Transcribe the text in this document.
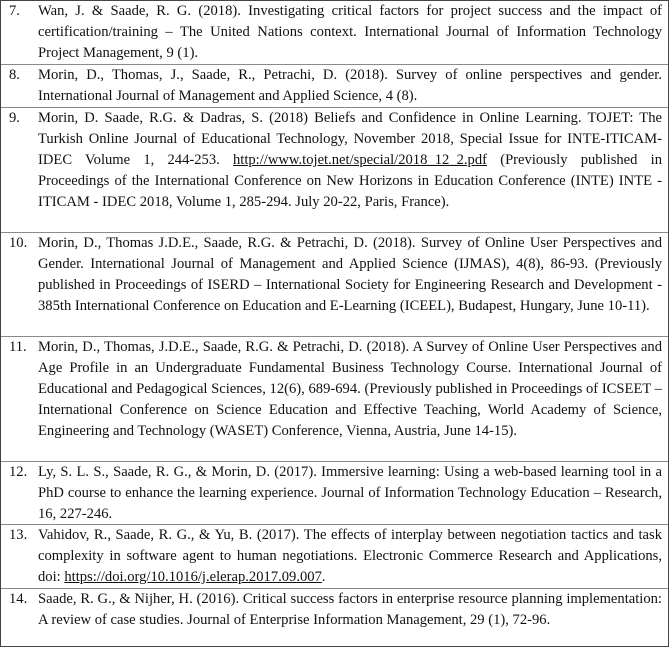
7. Wan, J. & Saade, R. G. (2018). Investigating critical factors for project success and the impact of certification/training – The United Nations context. International Journal of Information Technology Project Management, 9 (1).
8. Morin, D., Thomas, J., Saade, R., Petrachi, D. (2018). Survey of online perspectives and gender. International Journal of Management and Applied Science, 4 (8).
9. Morin, D. Saade, R.G. & Dadras, S. (2018) Beliefs and Confidence in Online Learning. TOJET: The Turkish Online Journal of Educational Technology, November 2018, Special Issue for INTE-ITICAM-IDEC Volume 1, 244-253. http://www.tojet.net/special/2018_12_2.pdf (Previously published in Proceedings of the International Conference on New Horizons in Education Conference (INTE) INTE - ITICAM - IDEC 2018, Volume 1, 285-294. July 20-22, Paris, France).
10. Morin, D., Thomas J.D.E., Saade, R.G. & Petrachi, D. (2018). Survey of Online User Perspectives and Gender. International Journal of Management and Applied Science (IJMAS), 4(8), 86-93. (Previously published in Proceedings of ISERD – International Society for Engineering Research and Development - 385th International Conference on Education and E-Learning (ICEEL), Budapest, Hungary, June 10-11).
11. Morin, D., Thomas, J.D.E., Saade, R.G. & Petrachi, D. (2018). A Survey of Online User Perspectives and Age Profile in an Undergraduate Fundamental Business Technology Course. International Journal of Educational and Pedagogical Sciences, 12(6), 689-694. (Previously published in Proceedings of ICSEET – International Conference on Science Education and Effective Teaching, World Academy of Science, Engineering and Technology (WASET) Conference, Vienna, Austria, June 14-15).
12. Ly, S. L. S., Saade, R. G., & Morin, D. (2017). Immersive learning: Using a web-based learning tool in a PhD course to enhance the learning experience. Journal of Information Technology Education – Research, 16, 227-246.
13. Vahidov, R., Saade, R. G., & Yu, B. (2017). The effects of interplay between negotiation tactics and task complexity in software agent to human negotiations. Electronic Commerce Research and Applications, doi: https://doi.org/10.1016/j.elerap.2017.09.007.
14. Saade, R. G., & Nijher, H. (2016). Critical success factors in enterprise resource planning implementation: A review of case studies. Journal of Enterprise Information Management, 29 (1), 72-96.
